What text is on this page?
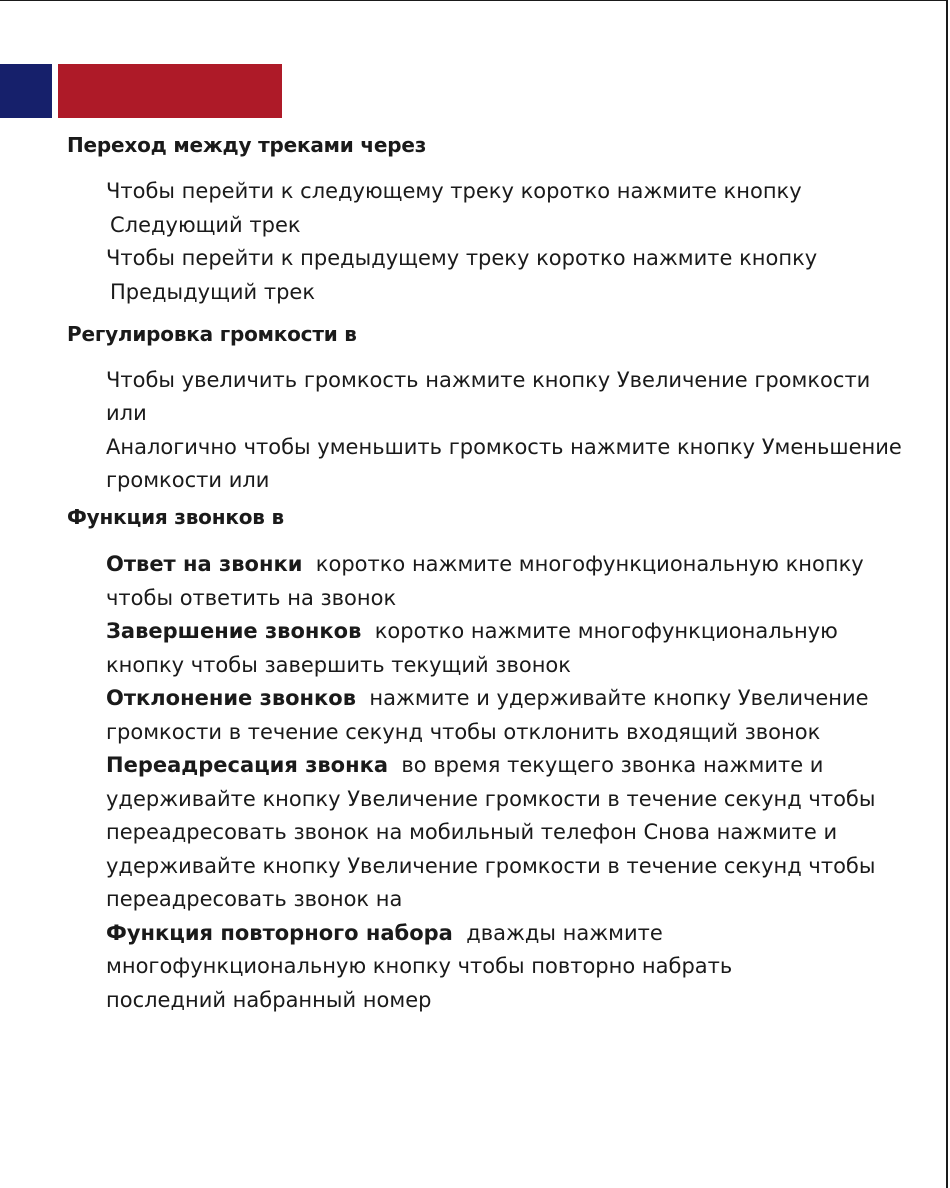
Переход между треками через

Чтобы перейти к следующему треку коротко нажмите кнопку

Следующий трек

Чтобы перейти к предыдущему треку коротко нажмите кнопку

Предыдущий трек

Регулировка громкости в

Чтобы увеличить громкость нажмите кнопку Увеличение громкости

или

Аналогично чтобы уменьшить громкость нажмите кнопку Уменьшение

громкости или

Функция звонков в

Ответ на звонки коротко нажмите многофункциональную кнопку

чтобы ответить на звонок

Завершение звонков коротко нажмите многофункциональную

кнопку чтобы завершить текущий звонок

Отклонение звонков нажмите и удерживайте кнопку Увеличение

громкости в течение секунд чтобы отклонить входящий звонок

Переадресация звонка во время текущего звонка нажмите и

удерживайте кнопку Увеличение громкости в течение секунд чтобы

переадресовать звонок на мобильный телефон Снова нажмите и

удерживайте кнопку Увеличение громкости в течение секунд чтобы

переадресовать звонок на

Функция повторного набора дважды нажмите

многофункциональную кнопку чтобы повторно набрать

последний набранный номер
